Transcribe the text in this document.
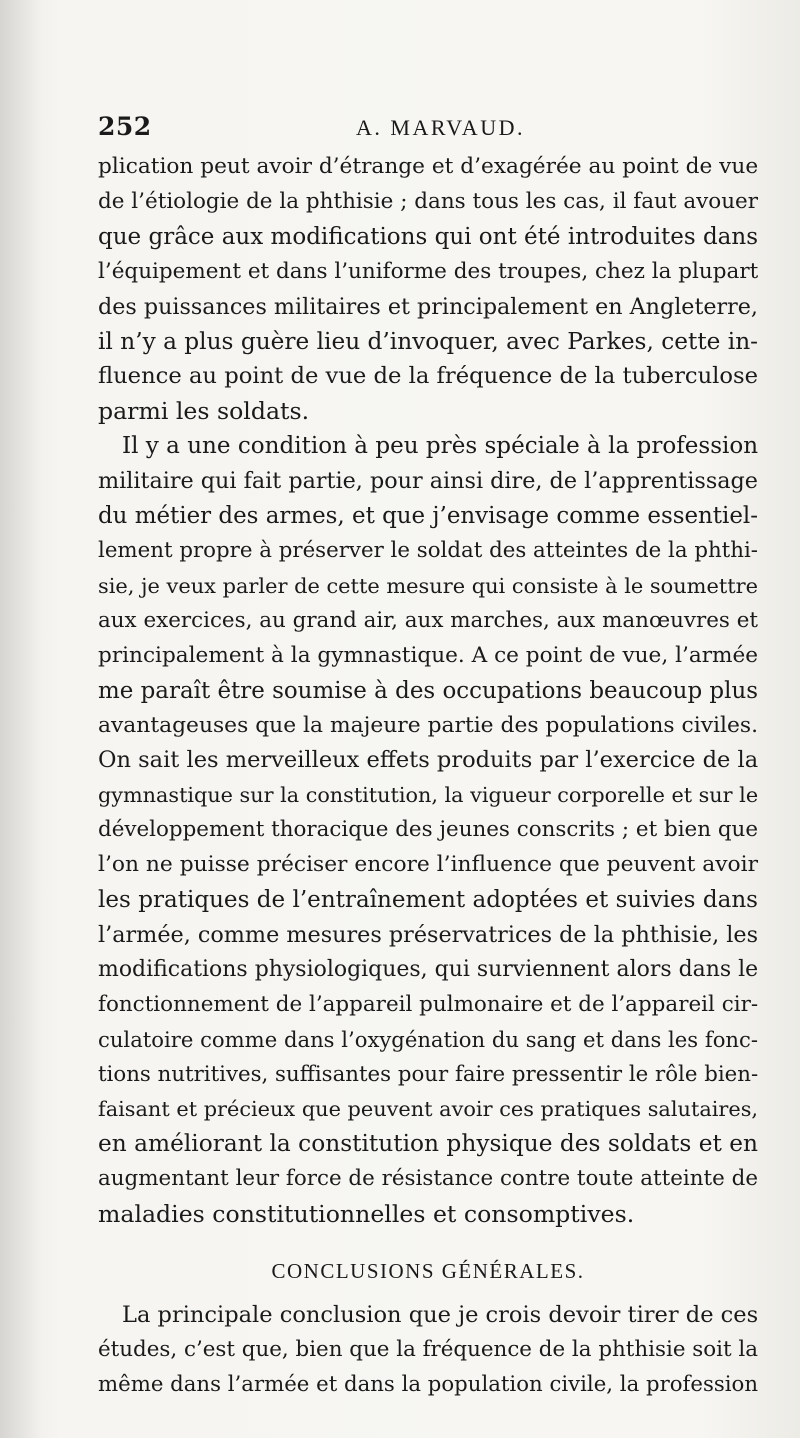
252	A. MARVAUD.
plication peut avoir d’étrange et d’exagérée au point de vue
de l’étiologie de la phthisie ; dans tous les cas, il faut avouer
que grâce aux modifications qui ont été introduites dans
l’équipement et dans l’uniforme des troupes, chez la plupart
des puissances militaires et principalement en Angleterre,
il n’y a plus guère lieu d’invoquer, avec Parkes, cette in-
fluence au point de vue de la fréquence de la tuberculose
parmi les soldats.
Il y a une condition à peu près spéciale à la profession
militaire qui fait partie, pour ainsi dire, de l’apprentissage
du métier des armes, et que j’envisage comme essentiel-
lement propre à préserver le soldat des atteintes de la phthi-
sie, je veux parler de cette mesure qui consiste à le soumettre
aux exercices, au grand air, aux marches, aux manœuvres et
principalement à la gymnastique. A ce point de vue, l’armée
me paraît être soumise à des occupations beaucoup plus
avantageuses que la majeure partie des populations civiles.
On sait les merveilleux effets produits par l’exercice de la
gymnastique sur la constitution, la vigueur corporelle et sur le
développement thoracique des jeunes conscrits ; et bien que
l’on ne puisse préciser encore l’influence que peuvent avoir
les pratiques de l’entraînement adoptées et suivies dans
l’armée, comme mesures préservatrices de la phthisie, les
modifications physiologiques, qui surviennent alors dans le
fonctionnement de l’appareil pulmonaire et de l’appareil cir-
culatoire comme dans l’oxygénation du sang et dans les fonc-
tions nutritives, suffisantes pour faire pressentir le rôle bien-
faisant et précieux que peuvent avoir ces pratiques salutaires,
en améliorant la constitution physique des soldats et en
augmentant leur force de résistance contre toute atteinte de
maladies constitutionnelles et consomptives.
CONCLUSIONS GÉNÉRALES.
La principale conclusion que je crois devoir tirer de ces
études, c’est que, bien que la fréquence de la phthisie soit la
même dans l’armée et dans la population civile, la profession
